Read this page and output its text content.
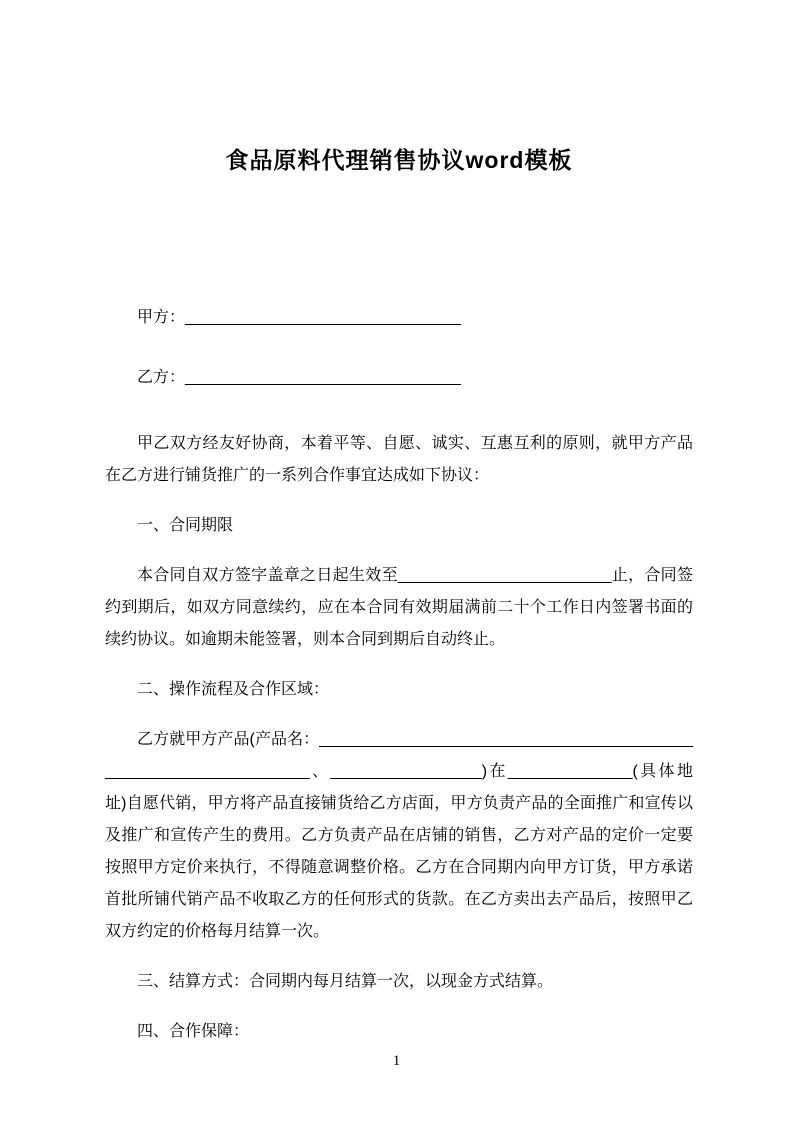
食品原料代理销售协议word模板
甲方：_______________________________
乙方：_______________________________

甲乙双方经友好协商，本着平等、自愿、诚实、互惠互利的原则，就甲方产品在乙方进行铺货推广的一系列合作事宜达成如下协议：

一、合同期限

本合同自双方签字盖章之日起生效至________________________止，合同签约到期后，如双方同意续约，应在本合同有效期届满前二十个工作日内签署书面的续约协议。如逾期未能签署，则本合同到期后自动终止。

二、操作流程及合作区域：

乙方就甲方产品(产品名：_________________________________________________________________、_________________)在______________(具体地址)自愿代销，甲方将产品直接铺货给乙方店面，甲方负责产品的全面推广和宣传以及推广和宣传产生的费用。乙方负责产品在店铺的销售，乙方对产品的定价一定要按照甲方定价来执行，不得随意调整价格。乙方在合同期内向甲方订货，甲方承诺首批所铺代销产品不收取乙方的任何形式的货款。在乙方卖出去产品后，按照甲乙双方约定的价格每月结算一次。

三、结算方式：合同期内每月结算一次，以现金方式结算。

四、合作保障：

1
